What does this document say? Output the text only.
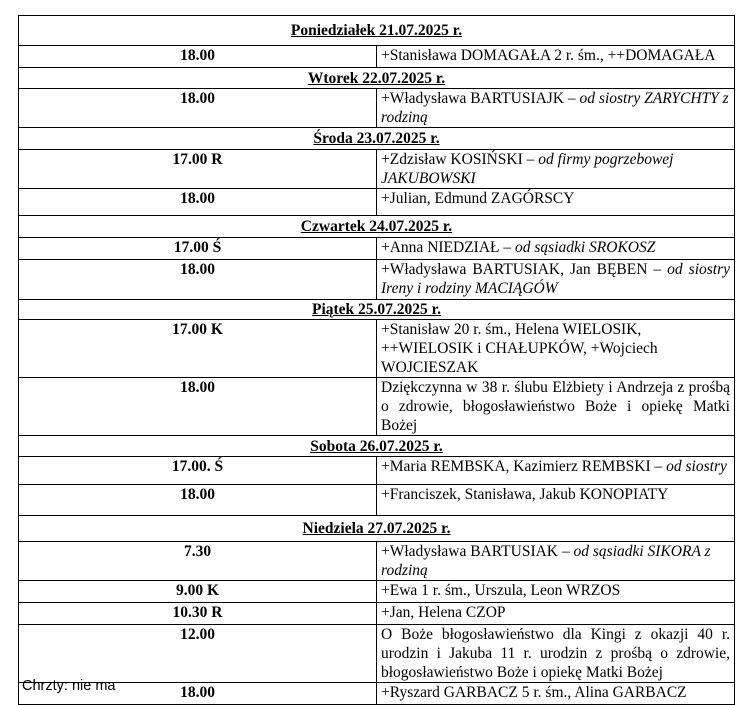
Poniedziałek 21.07.2025 r.	
18.00	+Stanisława DOMAGAŁA 2 r. śm., ++DOMAGAŁA
Wtorek 22.07.2025 r.	
18.00	+Władysława BARTUSIAJK – od siostry ZARYCHTY z rodziną
Środa 23.07.2025 r.	
17.00 R	+Zdzisław KOSIŃSKI – od firmy pogrzebowej JAKUBOWSKI
18.00	+Julian, Edmund ZAGÓRSCY
Czwartek 24.07.2025 r.	
17.00 Ś	+Anna NIEDZIAŁ – od sąsiadki SROKOSZ
18.00	+Władysława BARTUSIAK, Jan BĘBEN – od siostry Ireny i rodziny MACIĄGÓW
Piątek 25.07.2025 r.	
17.00 K	+Stanisław 20 r. śm., Helena WIELOSIK, ++WIELOSIK i CHAŁUPKÓW, +Wojciech WOJCIESZAK
18.00	Dziękczynna w 38 r. ślubu Elżbiety i Andrzeja z prośbą o zdrowie, błogosławieństwo Boże i opiekę Matki Bożej
Sobota 26.07.2025 r.	
17.00. Ś	+Maria REMBSKA, Kazimierz REMBSKI – od siostry
18.00	+Franciszek, Stanisława, Jakub KONOPIATY
Niedziela 27.07.2025 r.	
7.30	+Władysława BARTUSIAK – od sąsiadki SIKORA z rodziną
9.00 K	+Ewa 1 r. śm., Urszula, Leon WRZOS
10.30 R	+Jan, Helena CZOP
12.00	O Boże błogosławieństwo dla Kingi z okazji 40 r. urodzin i Jakuba 11 r. urodzin z prośbą o zdrowie, błogosławieństwo Boże i opiekę Matki Bożej
18.00	+Ryszard GARBACZ 5 r. śm., Alina GARBACZ
Chrzty: nie ma
